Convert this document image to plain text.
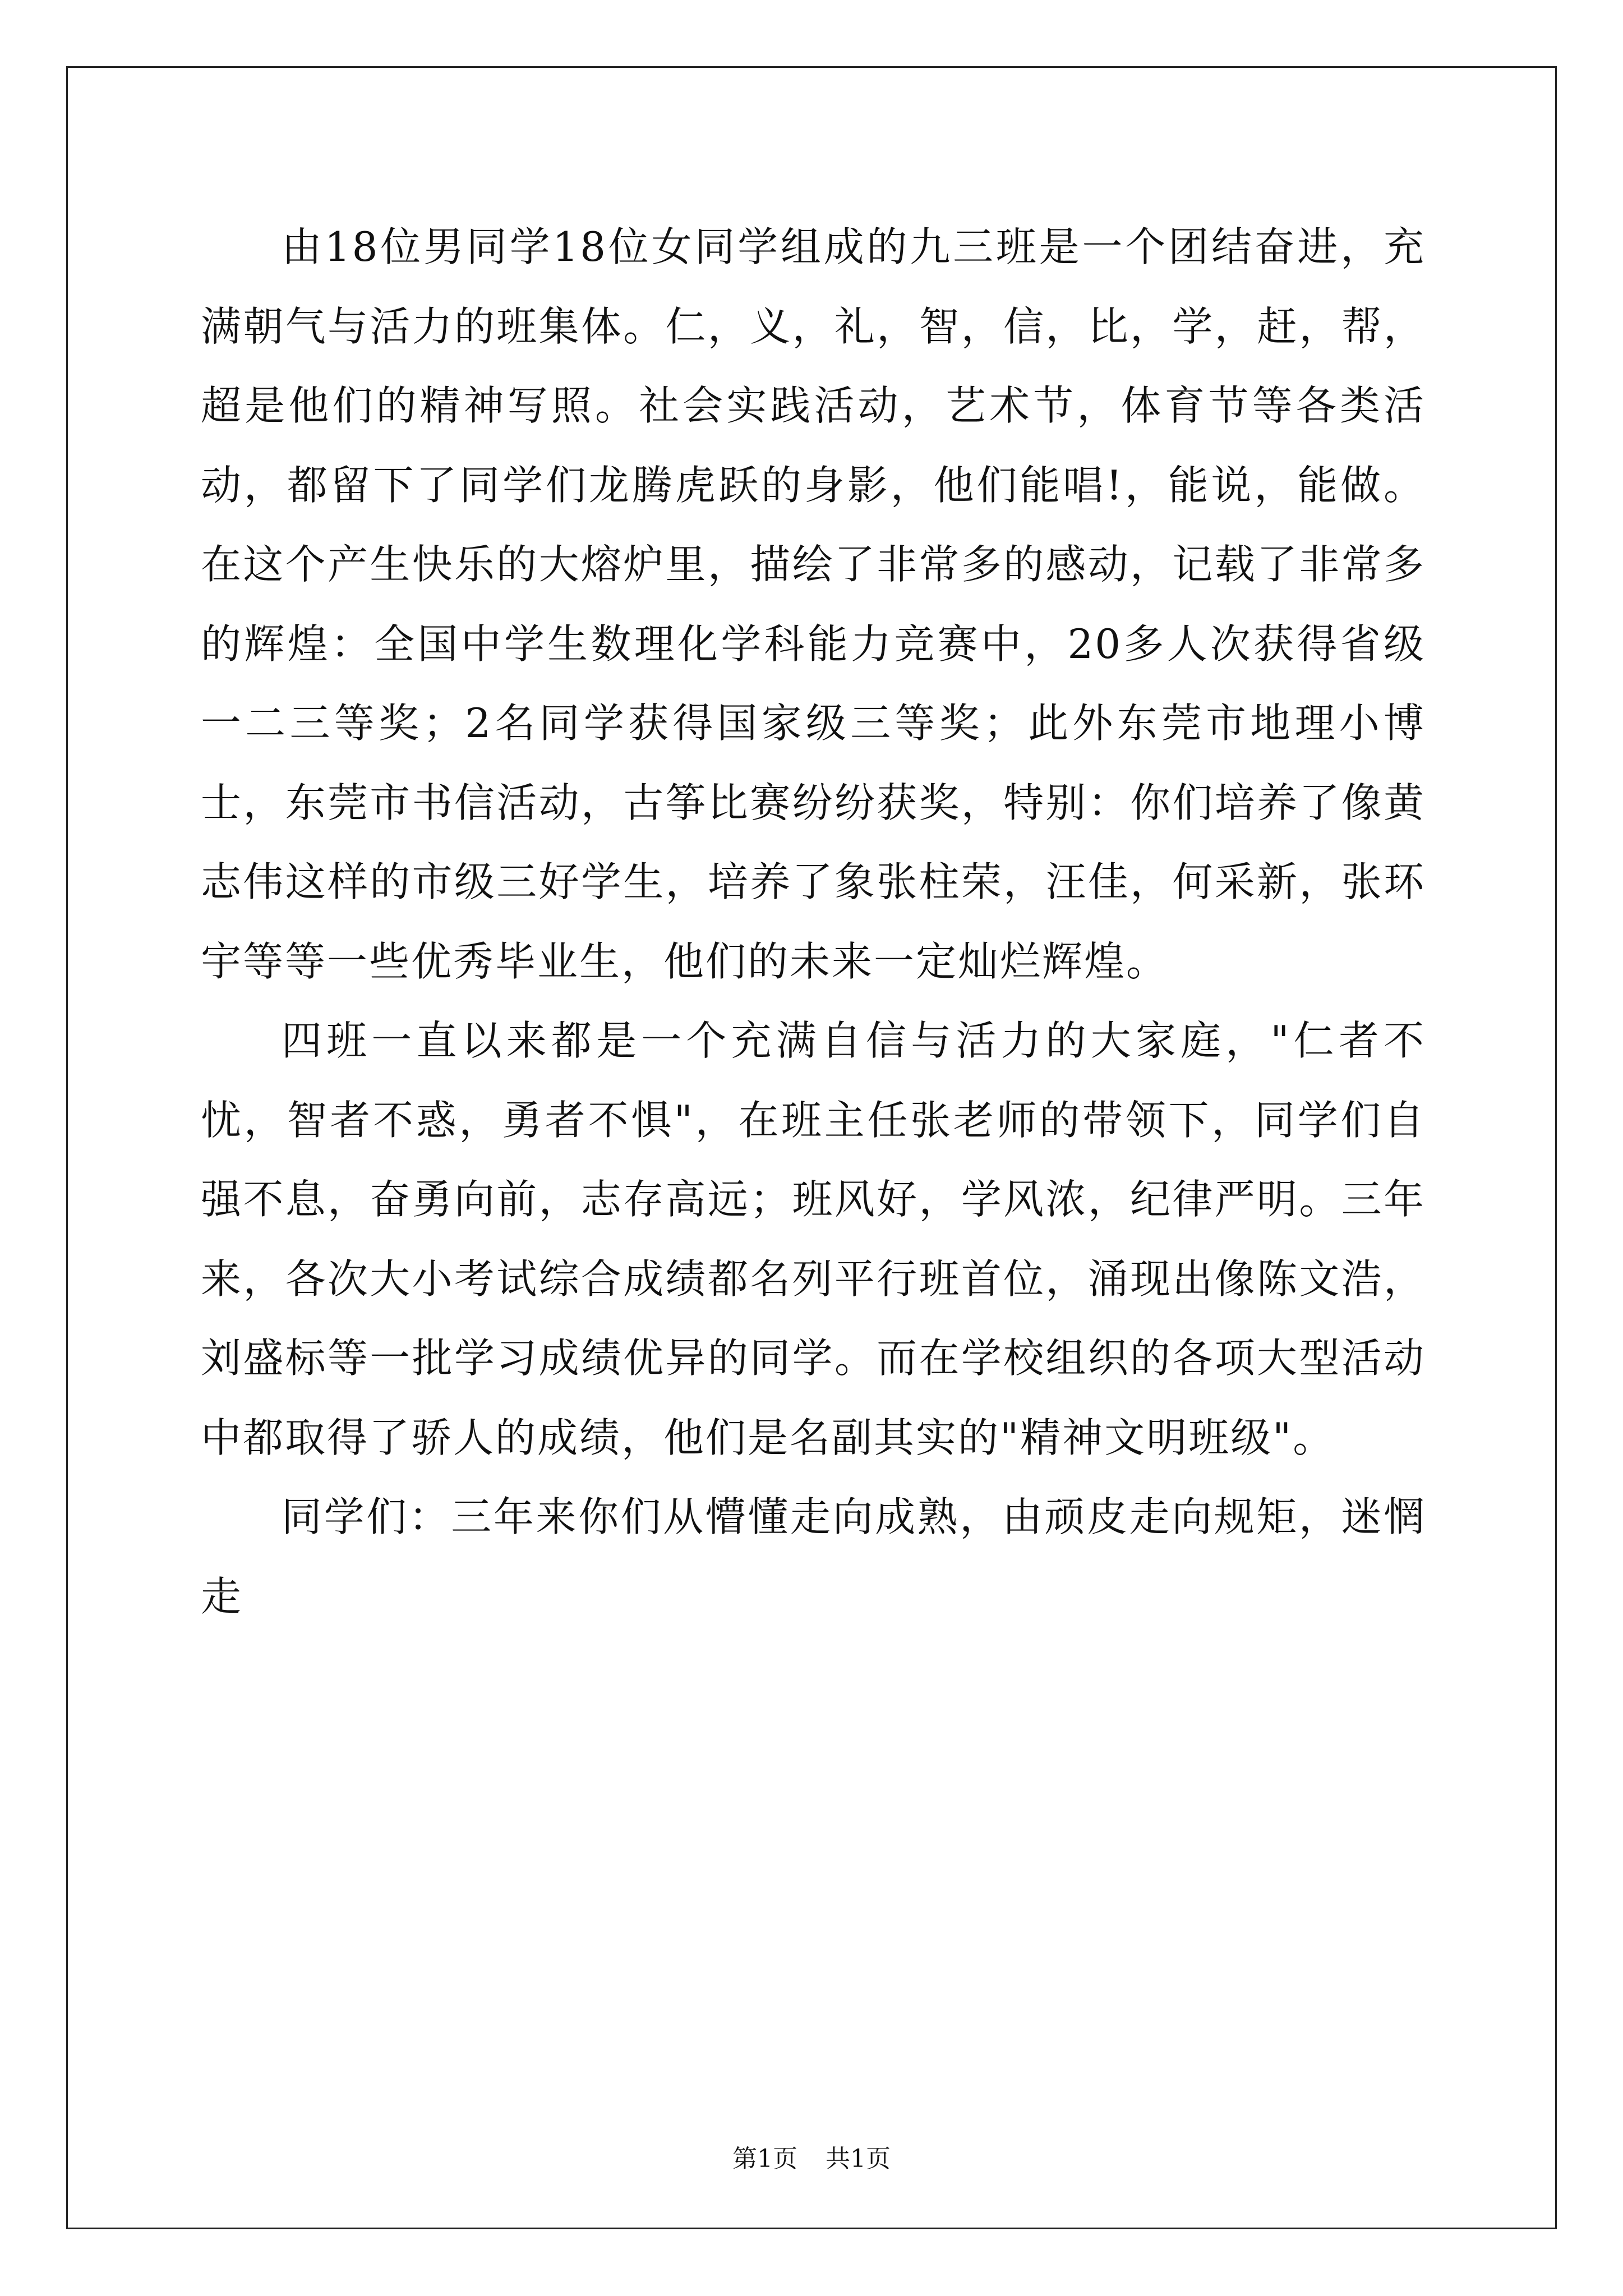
由18位男同学18位女同学组成的九三班是一个团结奋进，充满朝气与活力的班集体。仁，义，礼，智，信，比，学，赶，帮，超是他们的精神写照。社会实践活动，艺术节，体育节等各类活动，都留下了同学们龙腾虎跃的身影，他们能唱!，能说，能做。在这个产生快乐的大熔炉里，描绘了非常多的感动，记载了非常多的辉煌：全国中学生数理化学科能力竞赛中，20多人次获得省级一二三等奖；2名同学获得国家级三等奖；此外东莞市地理小博士，东莞市书信活动，古筝比赛纷纷获奖，特别：你们培养了像黄志伟这样的市级三好学生，培养了象张柱荣，汪佳，何采新，张环宇等等一些优秀毕业生，他们的未来一定灿烂辉煌。

四班一直以来都是一个充满自信与活力的大家庭，"仁者不忧，智者不惑，勇者不惧"，在班主任张老师的带领下，同学们自强不息，奋勇向前，志存高远；班风好，学风浓，纪律严明。三年来，各次大小考试综合成绩都名列平行班首位，涌现出像陈文浩，刘盛标等一批学习成绩优异的同学。而在学校组织的各项大型活动中都取得了骄人的成绩，他们是名副其实的"精神文明班级"。

同学们：三年来你们从懵懂走向成熟，由顽皮走向规矩，迷惘走

第1页 共1页
